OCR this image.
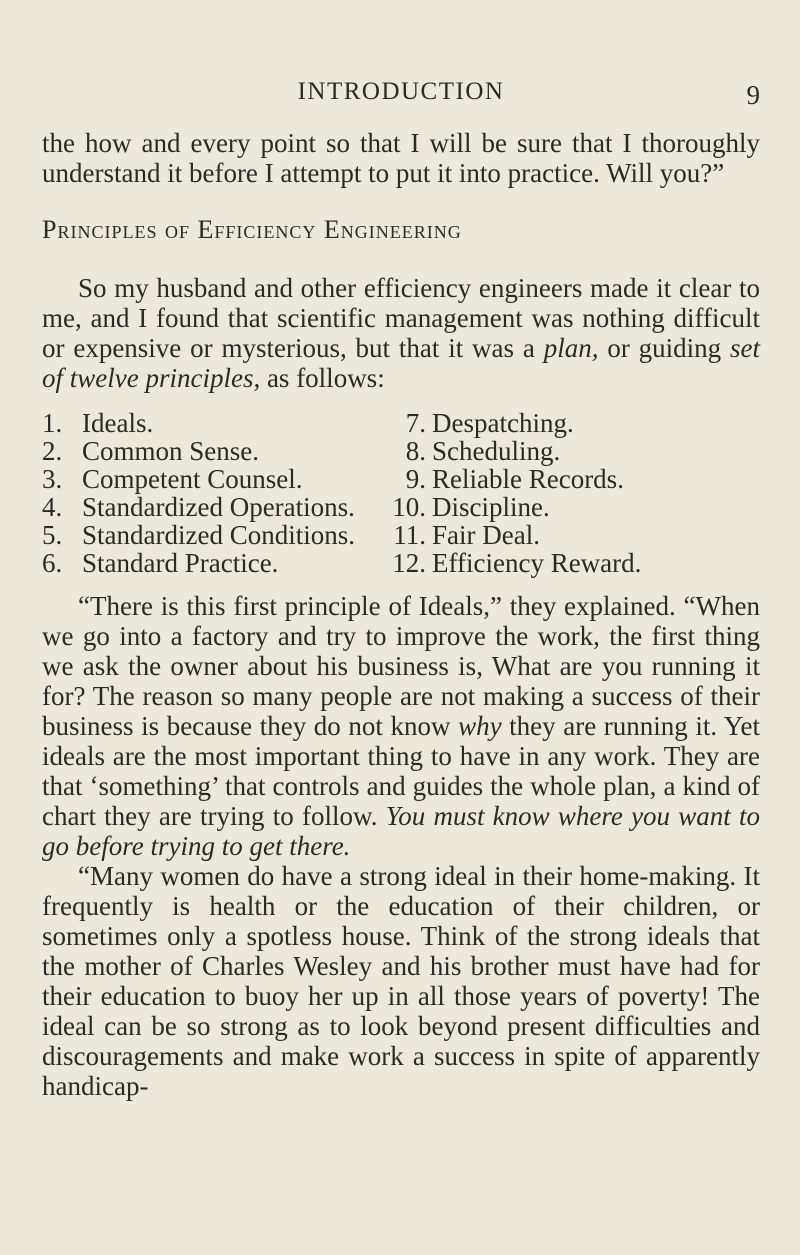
INTRODUCTION	9

the how and every point so that I will be sure that I thoroughly understand it before I attempt to put it into practice. Will you?”

Principles of Efficiency Engineering

So my husband and other efficiency engineers made it clear to me, and I found that scientific management was nothing difficult or expensive or mysterious, but that it was a plan, or guiding set of twelve principles, as follows:

1. Ideals.
2. Common Sense.
3. Competent Counsel.
4. Standardized Operations.
5. Standardized Conditions.
6. Standard Practice.
7. Despatching.
8. Scheduling.
9. Reliable Records.
10. Discipline.
11. Fair Deal.
12. Efficiency Reward.

“There is this first principle of Ideals,” they explained. “When we go into a factory and try to improve the work, the first thing we ask the owner about his business is, What are you running it for? The reason so many people are not making a success of their business is because they do not know why they are running it. Yet ideals are the most important thing to have in any work. They are that ‘something’ that controls and guides the whole plan, a kind of chart they are trying to follow. You must know where you want to go before trying to get there.

“Many women do have a strong ideal in their home-making. It frequently is health or the education of their children, or sometimes only a spotless house. Think of the strong ideals that the mother of Charles Wesley and his brother must have had for their education to buoy her up in all those years of poverty! The ideal can be so strong as to look beyond present difficulties and discouragements and make work a success in spite of apparently handicap-
